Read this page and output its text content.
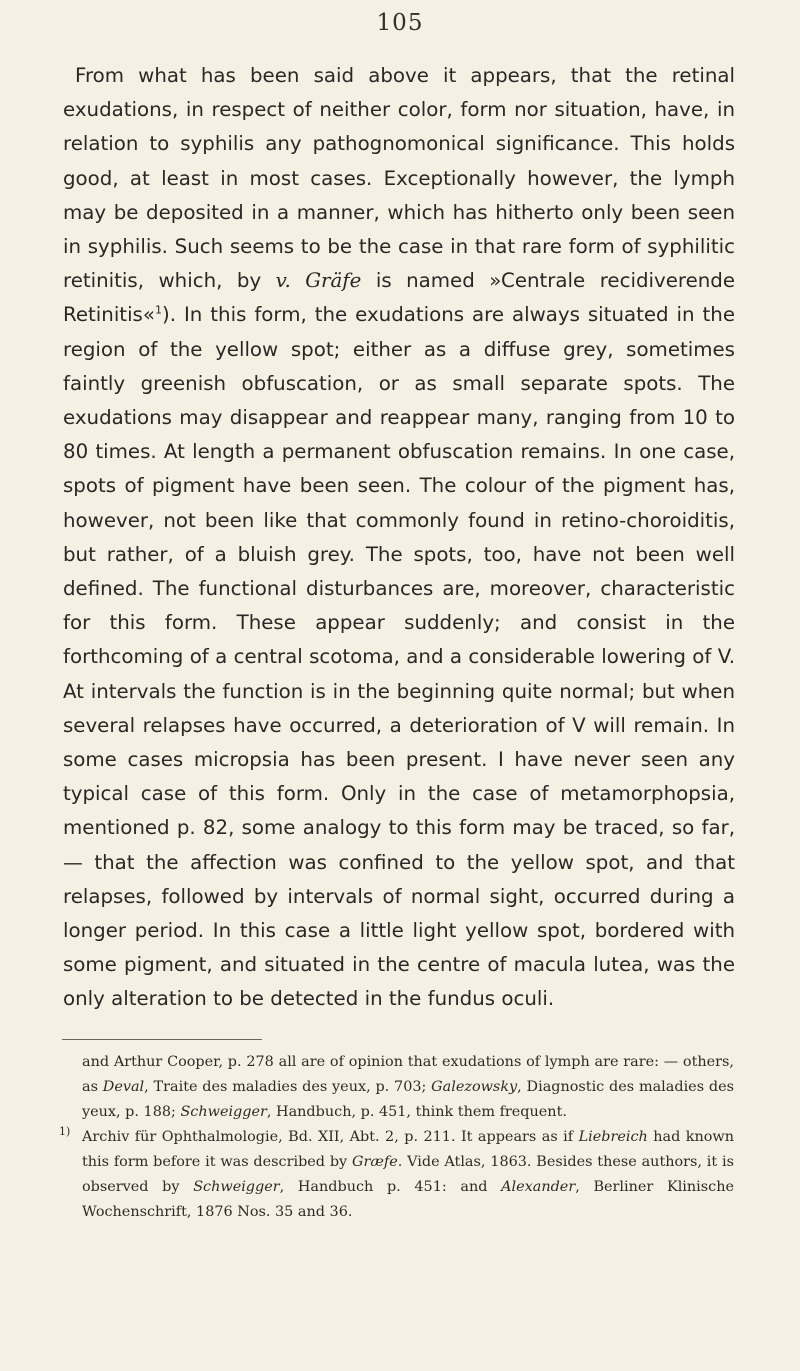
105

From what has been said above it appears, that the retinal exudations, in respect of neither color, form nor situation, have, in relation to syphilis any pathognomonical significance. This holds good, at least in most cases. Exceptionally however, the lymph may be deposited in a manner, which has hitherto only been seen in syphilis. Such seems to be the case in that rare form of syphilitic retinitis, which, by v. Gräfe is named »Centrale recidiverende Retinitis«$^1$). In this form, the exudations are always situated in the region of the yellow spot; either as a diffuse grey, sometimes faintly greenish obfuscation, or as small separate spots. The exudations may disappear and reappear many, ranging from 10 to 80 times. At length a permanent obfuscation remains. In one case, spots of pigment have been seen. The colour of the pigment has, however, not been like that commonly found in retino-choroiditis, but rather, of a bluish grey. The spots, too, have not been well defined. The functional disturbances are, moreover, characteristic for this form. These appear suddenly; and consist in the forthcoming of a central scotoma, and a considerable lowering of V. At intervals the function is in the beginning quite normal; but when several relapses have occurred, a deterioration of V will remain. In some cases micropsia has been present. I have never seen any typical case of this form. Only in the case of metamorphopsia, mentioned p. 82, some analogy to this form may be traced, so far, — that the affection was confined to the yellow spot, and that relapses, followed by intervals of normal sight, occurred during a longer period. In this case a little light yellow spot, bordered with some pigment, and situated in the centre of macula lutea, was the only alteration to be detected in the fundus oculi.

and Arthur Cooper, p. 278 all are of opinion that exudations of lymph are rare: — others, as Deval, Traite des maladies des yeux, p. 703; Galezowsky, Diagnostic des maladies des yeux, p. 188; Schweigger, Handbuch, p. 451, think them frequent.

1) Archiv für Ophthalmologie, Bd. XII, Abt. 2, p. 211. It appears as if Liebreich had known this form before it was described by Græfe. Vide Atlas, 1863. Besides these authors, it is observed by Schweigger, Handbuch p. 451: and Alexander, Berliner Klinische Wochenschrift, 1876 Nos. 35 and 36.
